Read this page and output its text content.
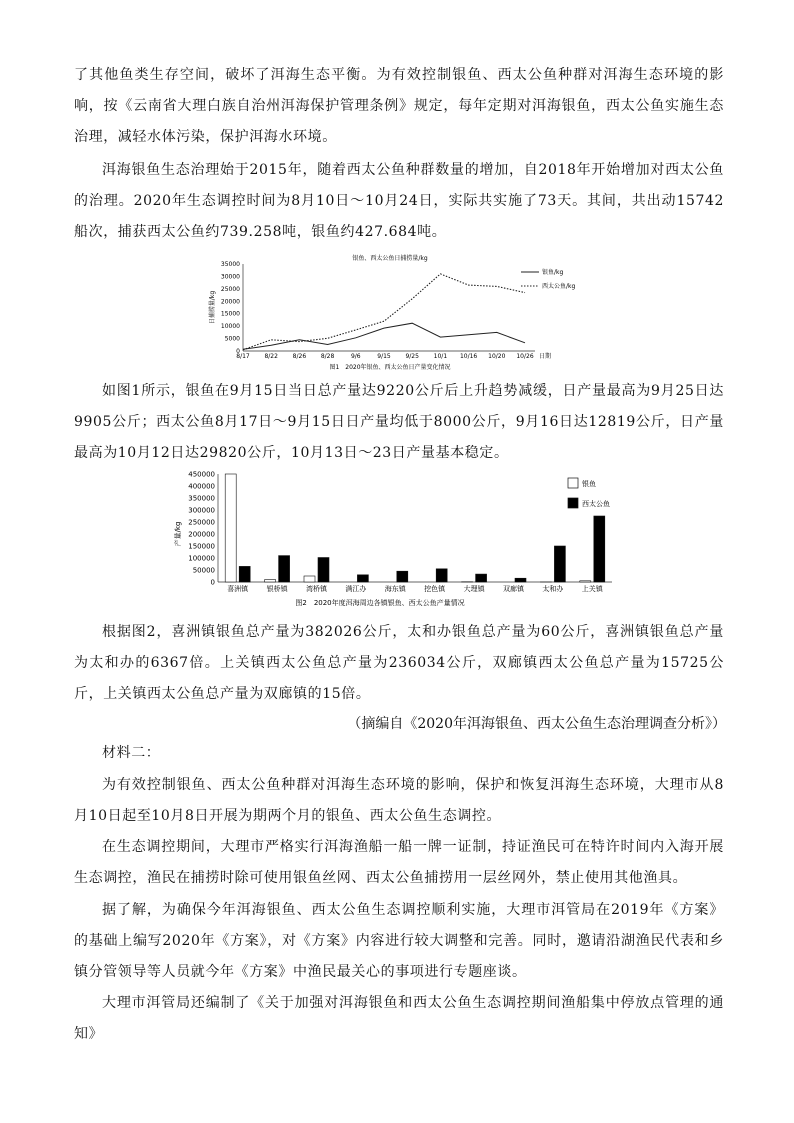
了其他鱼类生存空间，破坏了洱海生态平衡。为有效控制银鱼、西太公鱼种群对洱海生态环境的影响，按《云南省大理白族自治州洱海保护管理条例》规定，每年定期对洱海银鱼，西太公鱼实施生态治理，减轻水体污染，保护洱海水环境。

洱海银鱼生态治理始于2015年，随着西太公鱼种群数量的增加，自2018年开始增加对西太公鱼的治理。2020年生态调控时间为8月10日～10月24日，实际共实施了73天。其间，共出动15742船次，捕获西太公鱼约739.258吨，银鱼约427.684吨。

银鱼、西太公鱼日捕捞量/kg
0
5000
10000
15000
20000
25000
30000
35000
日捕捞量/kg
8/17 8/22 8/26 8/28	9/6	9/15 9/25 10/1 10/16 10/20 10/26 日期
银鱼/kg
西太公鱼/kg
图1　2020年银鱼、西太公鱼日产量变化情况

如图1所示，银鱼在9月15日当日总产量达9220公斤后上升趋势减缓，日产量最高为9月25日达9905公斤；西太公鱼8月17日～9月15日日产量均低于8000公斤，9月16日达12819公斤，日产量最高为10月12日达29820公斤，10月13日～23日产量基本稳定。

0
50000
100000
150000
200000
250000
300000
350000
400000
450000
产量/kg
喜洲镇	银桥镇	湾桥镇	满江办	海东镇	挖色镇	大理镇	双廊镇	太和办	上关镇
银鱼
西太公鱼
图2　2020年度洱海周边各镇银鱼、西太公鱼产量情况

根据图2，喜洲镇银鱼总产量为382026公斤，太和办银鱼总产量为60公斤，喜洲镇银鱼总产量为太和办的6367倍。上关镇西太公鱼总产量为236034公斤，双廊镇西太公鱼总产量为15725公斤，上关镇西太公鱼总产量为双廊镇的15倍。

（摘编自《2020年洱海银鱼、西太公鱼生态治理调查分析》）

材料二：

为有效控制银鱼、西太公鱼种群对洱海生态环境的影响，保护和恢复洱海生态环境，大理市从8月10日起至10月8日开展为期两个月的银鱼、西太公鱼生态调控。

在生态调控期间，大理市严格实行洱海渔船一船一牌一证制，持证渔民可在特许时间内入海开展生态调控，渔民在捕捞时除可使用银鱼丝网、西太公鱼捕捞用一层丝网外，禁止使用其他渔具。

据了解，为确保今年洱海银鱼、西太公鱼生态调控顺利实施，大理市洱管局在2019年《方案》的基础上编写2020年《方案》，对《方案》内容进行较大调整和完善。同时，邀请沿湖渔民代表和乡镇分管领导等人员就今年《方案》中渔民最关心的事项进行专题座谈。

大理市洱管局还编制了《关于加强对洱海银鱼和西太公鱼生态调控期间渔船集中停放点管理的通知》
